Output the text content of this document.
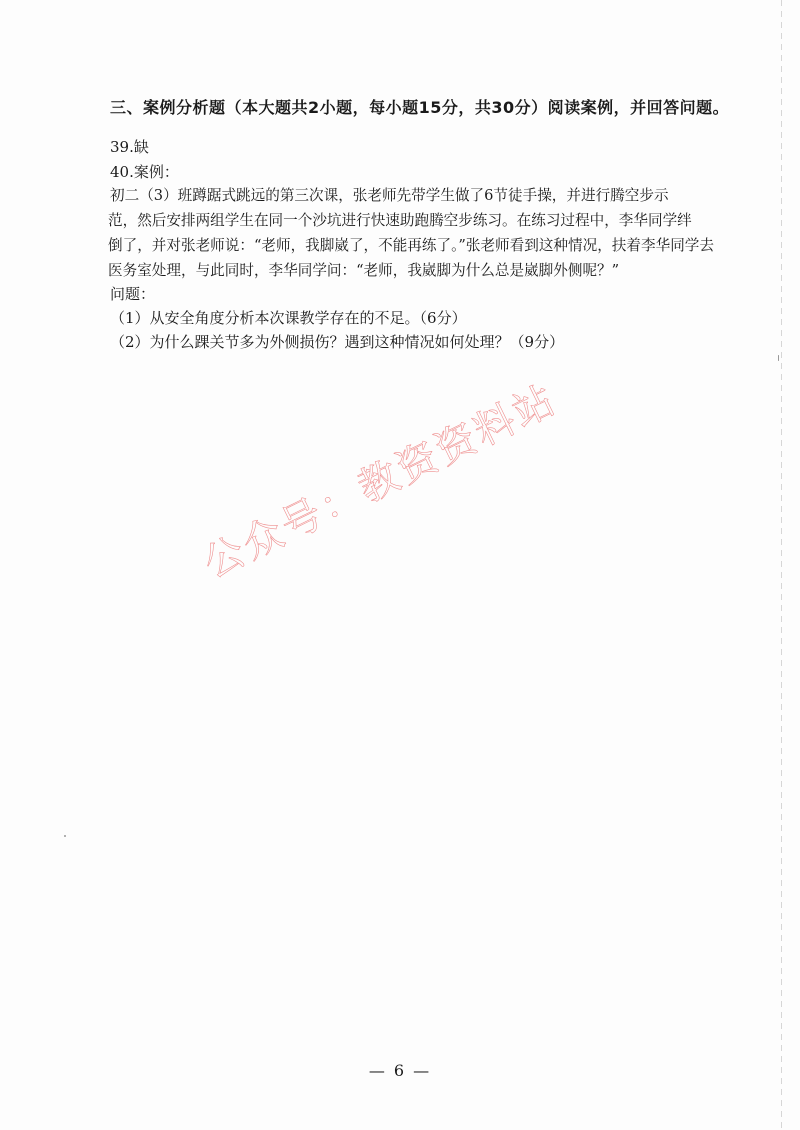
三、案例分析题（本大题共2小题，每小题15分，共30分）阅读案例，并回答问题。
39.缺
40.案例：

初二（3）班蹲踞式跳远的第三次课，张老师先带学生做了6节徒手操，并进行腾空步示
范，然后安排两组学生在同一个沙坑进行快速助跑腾空步练习。在练习过程中，李华同学绊
倒了，并对张老师说：“老师，我脚崴了，不能再练了。”张老师看到这种情况，扶着李华同学去
医务室处理，与此同时，李华同学问：“老师，我崴脚为什么总是崴脚外侧呢？”

问题：
（1）从安全角度分析本次课教学存在的不足。（6分）
（2）为什么踝关节多为外侧损伤？遇到这种情况如何处理？（9分）
公众号：教资资料站
— 6 —
